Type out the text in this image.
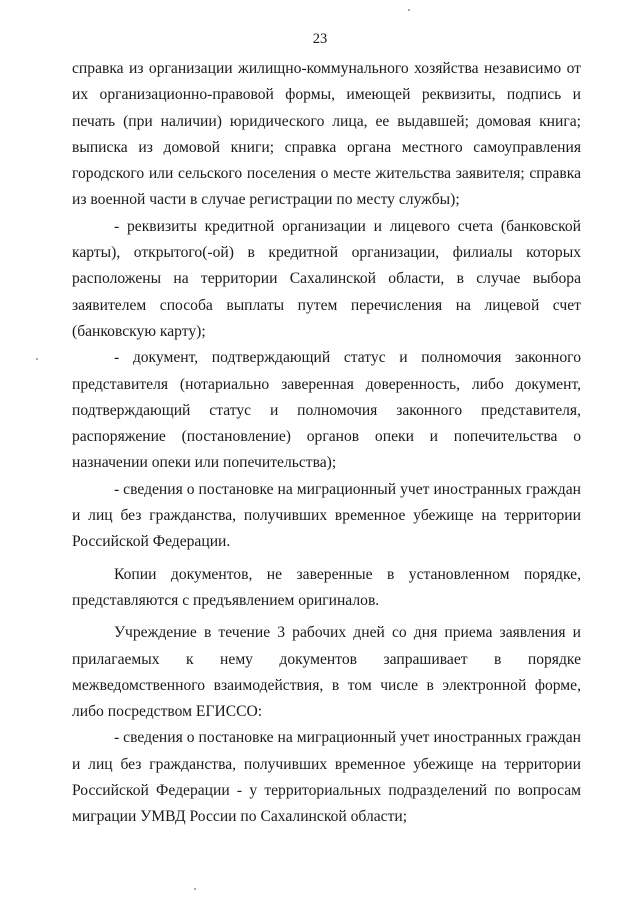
23

справка из организации жилищно-коммунального хозяйства независимо от их организационно-правовой формы, имеющей реквизиты, подпись и печать (при наличии) юридического лица, ее выдавшей; домовая книга; выписка из домовой книги; справка органа местного самоуправления городского или сельского поселения о месте жительства заявителя; справка из военной части в случае регистрации по месту службы);

- реквизиты кредитной организации и лицевого счета (банковской карты), открытого(-ой) в кредитной организации, филиалы которых расположены на территории Сахалинской области, в случае выбора заявителем способа выплаты путем перечисления на лицевой счет (банковскую карту);

- документ, подтверждающий статус и полномочия законного представителя (нотариально заверенная доверенность, либо документ, подтверждающий статус и полномочия законного представителя, распоряжение (постановление) органов опеки и попечительства о назначении опеки или попечительства);

- сведения о постановке на миграционный учет иностранных граждан и лиц без гражданства, получивших временное убежище на территории Российской Федерации.

Копии документов, не заверенные в установленном порядке, представляются с предъявлением оригиналов.

Учреждение в течение 3 рабочих дней со дня приема заявления и прилагаемых к нему документов запрашивает в порядке межведомственного взаимодействия, в том числе в электронной форме, либо посредством ЕГИССО:

- сведения о постановке на миграционный учет иностранных граждан и лиц без гражданства, получивших временное убежище на территории Российской Федерации - у территориальных подразделений по вопросам миграции УМВД России по Сахалинской области;
